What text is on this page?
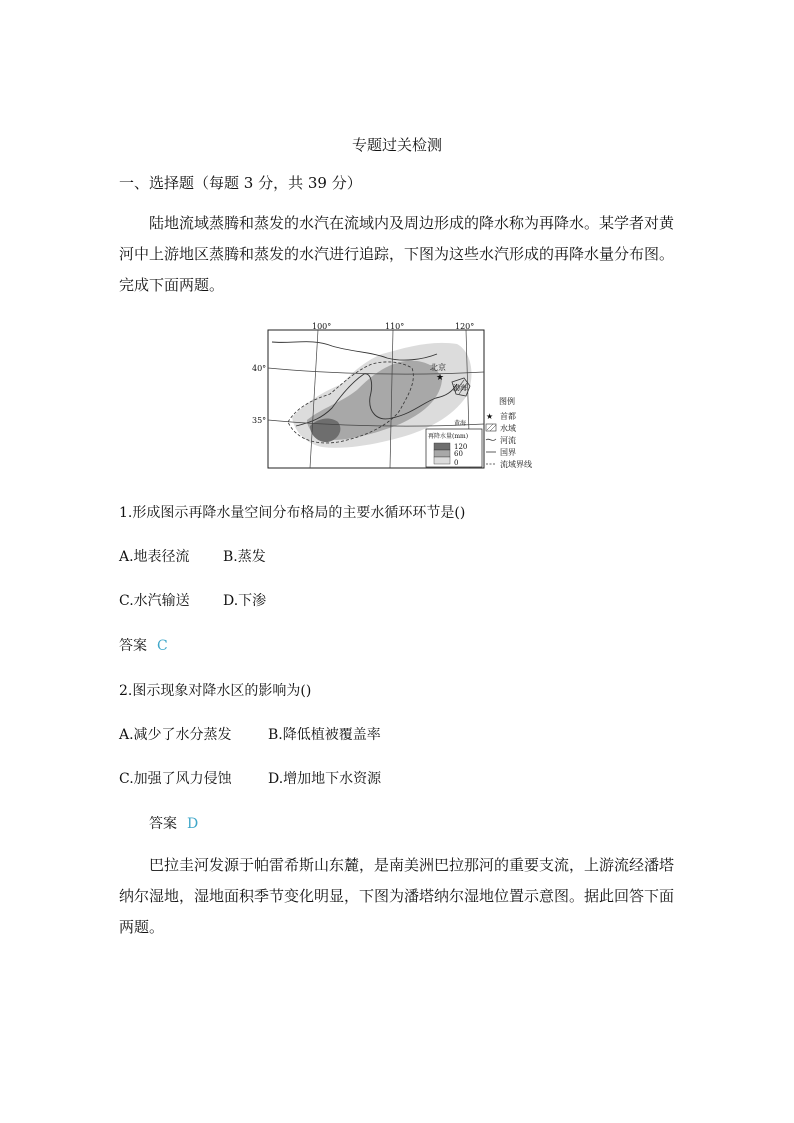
专题过关检测
一、选择题（每题 3 分，共 39 分）
陆地流域蒸腾和蒸发的水汽在流域内及周边形成的降水称为再降水。某学者对黄河中上游地区蒸腾和蒸发的水汽进行追踪，下图为这些水汽形成的再降水量分布图。完成下面两题。
★
北京
渤海
黄海
100°	110°	120°
40°
35°
再降水量(mm)
120
60
0
图例
★ 首都
水域
河流
国界
流域界线
1.形成图示再降水量空间分布格局的主要水循环环节是()
A.地表径流 B.蒸发
C.水汽输送 D.下渗
答案 C
2.图示现象对降水区的影响为()
A.减少了水分蒸发	B.降低植被覆盖率
C.加强了风力侵蚀	D.增加地下水资源
答案 D
巴拉圭河发源于帕雷希斯山东麓，是南美洲巴拉那河的重要支流，上游流经潘塔纳尔湿地，湿地面积季节变化明显，下图为潘塔纳尔湿地位置示意图。据此回答下面两题。
